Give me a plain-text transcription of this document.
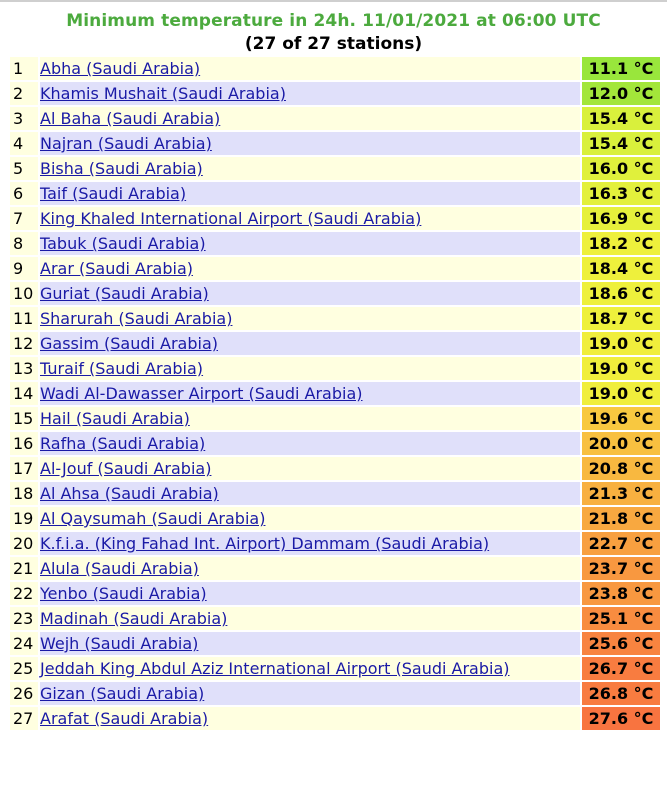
Minimum temperature in 24h. 11/01/2021 at 06:00 UTC
(27 of 27 stations)
1	Abha (Saudi Arabia)	11.1 °C
2	Khamis Mushait (Saudi Arabia)	12.0 °C
3	Al Baha (Saudi Arabia)	15.4 °C
4	Najran (Saudi Arabia)	15.4 °C
5	Bisha (Saudi Arabia)	16.0 °C
6	Taif (Saudi Arabia)	16.3 °C
7	King Khaled International Airport (Saudi Arabia)	16.9 °C
8	Tabuk (Saudi Arabia)	18.2 °C
9	Arar (Saudi Arabia)	18.4 °C
10	Guriat (Saudi Arabia)	18.6 °C
11	Sharurah (Saudi Arabia)	18.7 °C
12	Gassim (Saudi Arabia)	19.0 °C
13	Turaif (Saudi Arabia)	19.0 °C
14	Wadi Al-Dawasser Airport (Saudi Arabia)	19.0 °C
15	Hail (Saudi Arabia)	19.6 °C
16	Rafha (Saudi Arabia)	20.0 °C
17	Al-Jouf (Saudi Arabia)	20.8 °C
18	Al Ahsa (Saudi Arabia)	21.3 °C
19	Al Qaysumah (Saudi Arabia)	21.8 °C
20	K.f.i.a. (King Fahad Int. Airport) Dammam (Saudi Arabia)	22.7 °C
21	Alula (Saudi Arabia)	23.7 °C
22	Yenbo (Saudi Arabia)	23.8 °C
23	Madinah (Saudi Arabia)	25.1 °C
24	Wejh (Saudi Arabia)	25.6 °C
25	Jeddah King Abdul Aziz International Airport (Saudi Arabia)	26.7 °C
26	Gizan (Saudi Arabia)	26.8 °C
27	Arafat (Saudi Arabia)	27.6 °C
